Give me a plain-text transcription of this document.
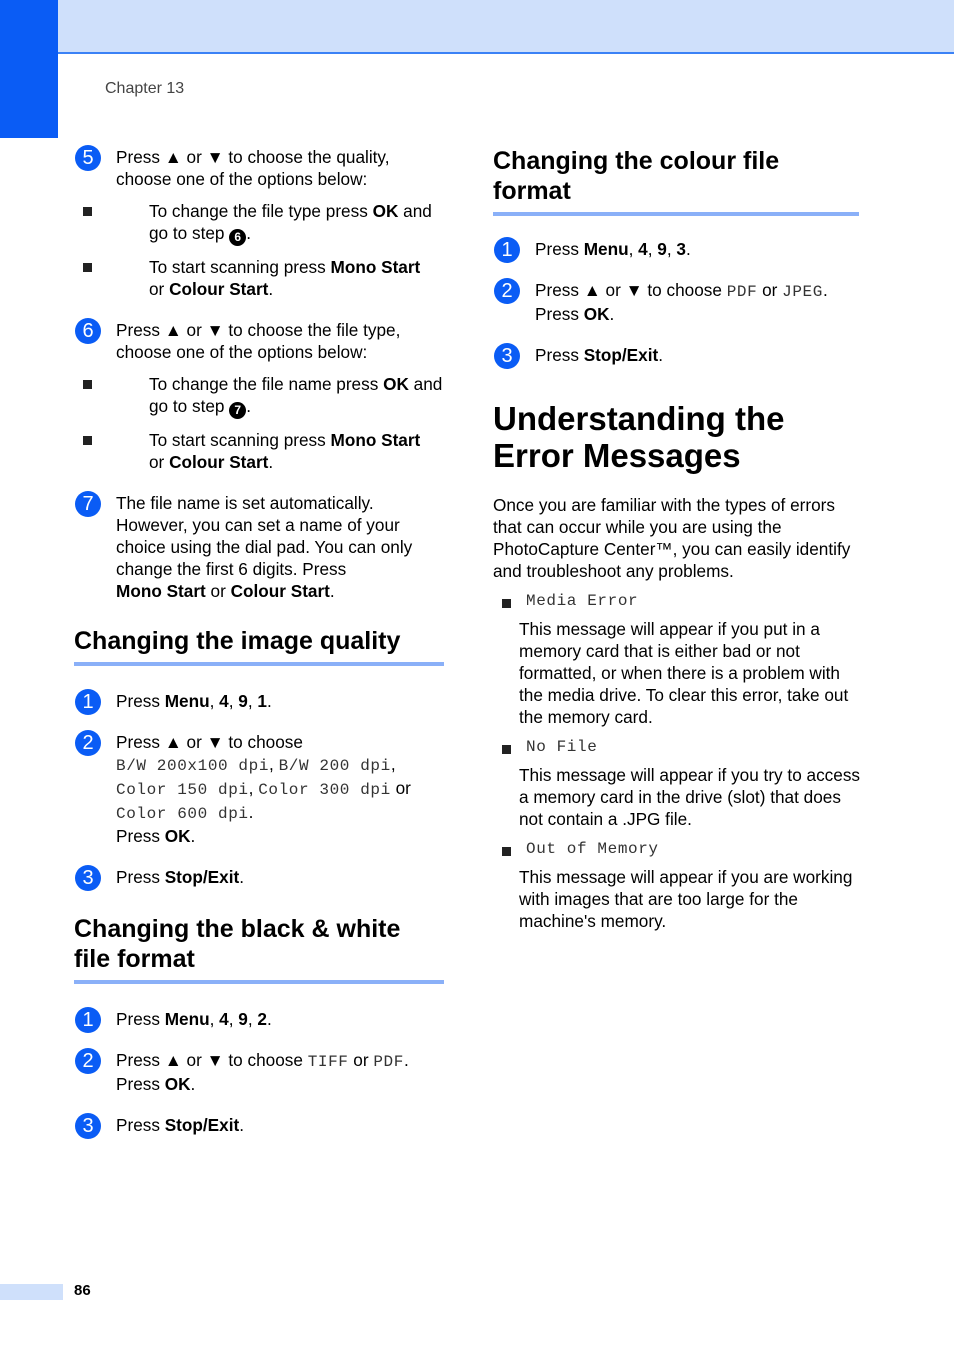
Chapter 13
5	Press ▲ or ▼ to choose the quality, choose one of the options below:
To change the file type press OK and go to step 6 .
To start scanning press Mono Start
or Colour Start.
6	Press ▲ or ▼ to choose the file type, choose one of the options below:
To change the file name press OK and go to step 7 .
To start scanning press Mono Start
or Colour Start.
7	The file name is set automatically. However, you can set a name of your choice using the dial pad. You can only change the first 6 digits. Press
Mono Start or Colour Start.
Changing the image quality
1	Press Menu, 4, 9, 1.
2	Press ▲ or ▼ to choose
B/W 200x100 dpi, B/W 200 dpi,
Color 150 dpi, Color 300 dpi or
Color 600 dpi.
Press OK.
3	Press Stop/Exit.
Changing the black & white
file format
1	Press Menu, 4, 9, 2.
2	Press ▲ or ▼ to choose TIFF or PDF.
Press OK.
3	Press Stop/Exit.
Changing the colour file
format
1	Press Menu, 4, 9, 3.
2	Press ▲ or ▼ to choose PDF or JPEG.
Press OK.
3	Press Stop/Exit.
Understanding the
Error Messages
Once you are familiar with the types of errors that can occur while you are using the PhotoCapture Center™, you can easily identify and troubleshoot any problems.
Media Error
This message will appear if you put in a memory card that is either bad or not formatted, or when there is a problem with the media drive. To clear this error, take out the memory card.
No File
This message will appear if you try to access a memory card in the drive (slot) that does not contain a .JPG file.
Out of Memory
This message will appear if you are working with images that are too large for the machine's memory.
86
